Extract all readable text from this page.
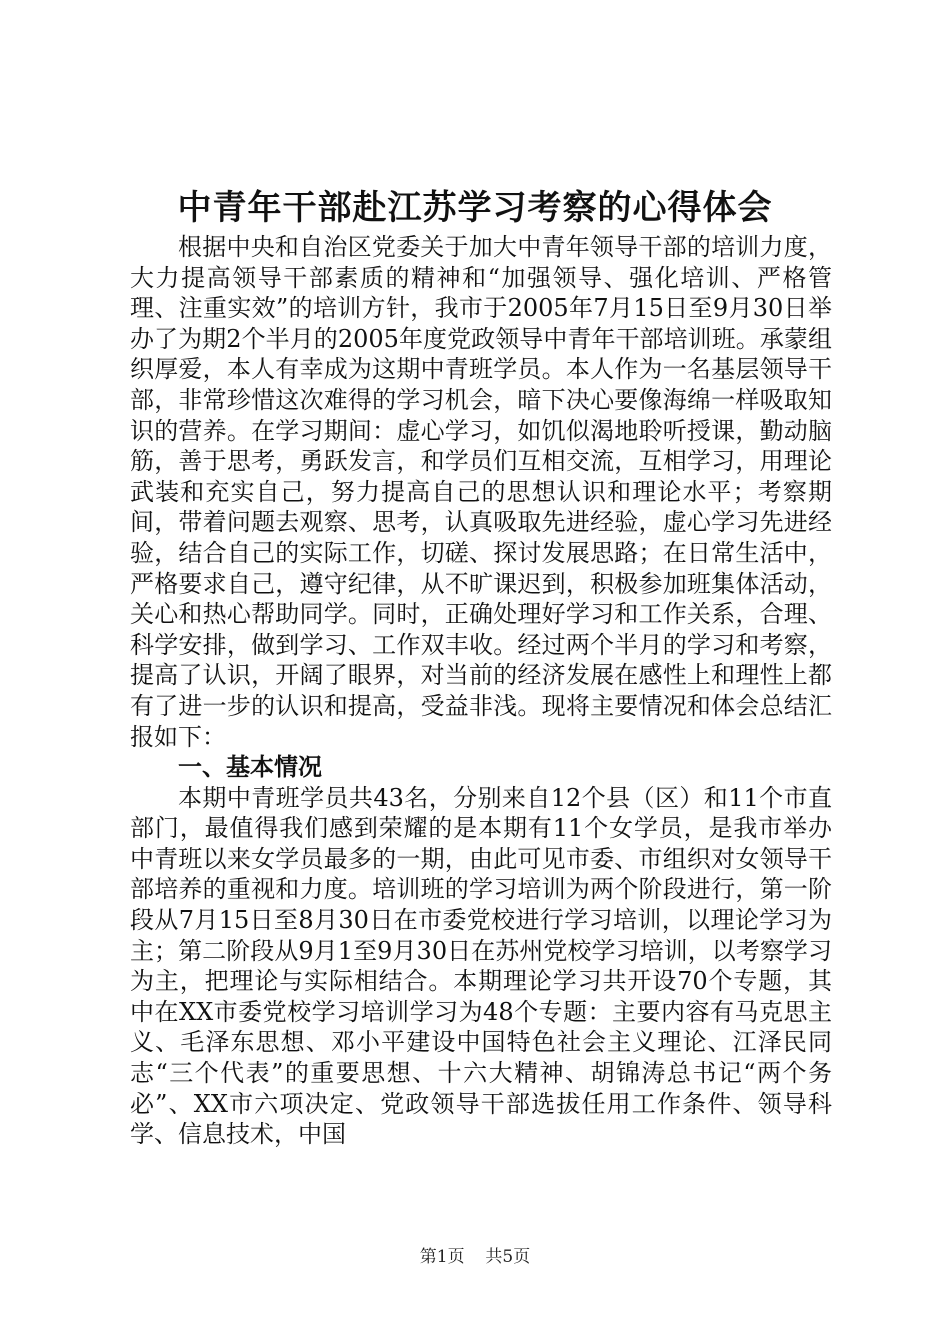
中青年干部赴江苏学习考察的心得体会

根据中央和自治区党委关于加大中青年领导干部的培训力度，大力提高领导干部素质的精神和“加强领导、强化培训、严格管理、注重实效”的培训方针，我市于2005年7月15日至9月30日举办了为期2个半月的2005年度党政领导中青年干部培训班。承蒙组织厚爱，本人有幸成为这期中青班学员。本人作为一名基层领导干部，非常珍惜这次难得的学习机会，暗下决心要像海绵一样吸取知识的营养。在学习期间：虚心学习，如饥似渴地聆听授课，勤动脑筋，善于思考，勇跃发言，和学员们互相交流，互相学习，用理论武装和充实自己，努力提高自己的思想认识和理论水平；考察期间，带着问题去观察、思考，认真吸取先进经验，虚心学习先进经验，结合自己的实际工作，切磋、探讨发展思路；在日常生活中，严格要求自己，遵守纪律，从不旷课迟到，积极参加班集体活动，关心和热心帮助同学。同时，正确处理好学习和工作关系，合理、科学安排，做到学习、工作双丰收。经过两个半月的学习和考察，提高了认识，开阔了眼界，对当前的经济发展在感性上和理性上都有了进一步的认识和提高，受益非浅。现将主要情况和体会总结汇报如下：

一、基本情况

本期中青班学员共43名，分别来自12个县（区）和11个市直部门，最值得我们感到荣耀的是本期有11个女学员，是我市举办中青班以来女学员最多的一期，由此可见市委、市组织对女领导干部培养的重视和力度。培训班的学习培训为两个阶段进行，第一阶段从7月15日至8月30日在市委党校进行学习培训，以理论学习为主；第二阶段从9月1至9月30日在苏州党校学习培训，以考察学习为主，把理论与实际相结合。本期理论学习共开设70个专题，其中在XX市委党校学习培训学习为48个专题：主要内容有马克思主义、毛泽东思想、邓小平建设中国特色社会主义理论、江泽民同志“三个代表”的重要思想、十六大精神、胡锦涛总书记“两个务必”、XX市六项决定、党政领导干部选拔任用工作条件、领导科学、信息技术，中国

第1页 共5页
